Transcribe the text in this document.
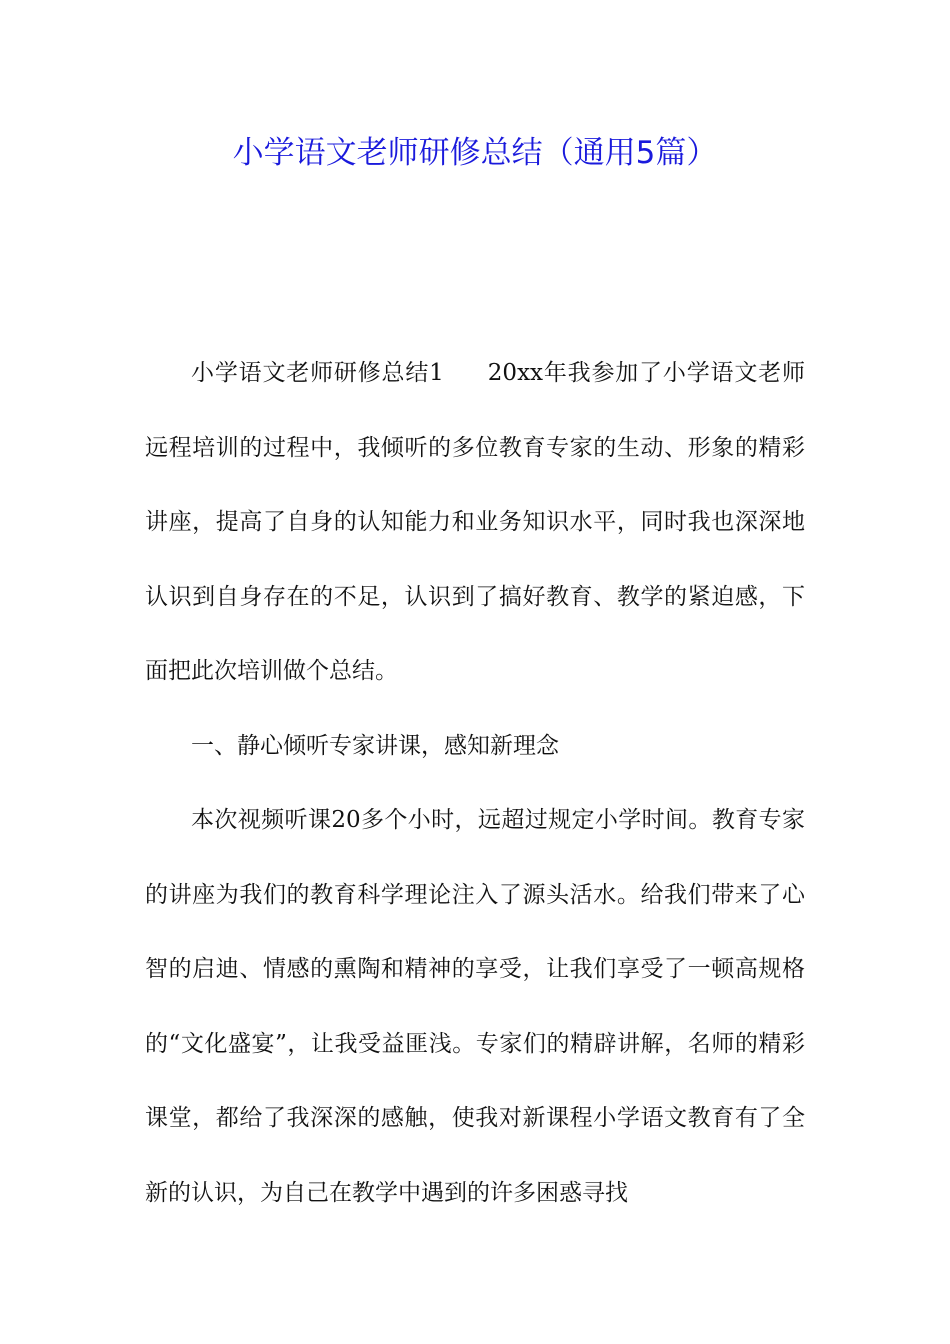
小学语文老师研修总结（通用5篇）

小学语文老师研修总结1 20xx年我参加了小学语文老师远程培训的过程中，我倾听的多位教育专家的生动、形象的精彩讲座，提高了自身的认知能力和业务知识水平，同时我也深深地认识到自身存在的不足，认识到了搞好教育、教学的紧迫感，下面把此次培训做个总结。

一、静心倾听专家讲课，感知新理念

本次视频听课20多个小时，远超过规定小学时间。教育专家的讲座为我们的教育科学理论注入了源头活水。给我们带来了心智的启迪、情感的熏陶和精神的享受，让我们享受了一顿高规格的“文化盛宴”，让我受益匪浅。专家们的精辟讲解，名师的精彩课堂，都给了我深深的感触，使我对新课程小学语文教育有了全新的认识，为自己在教学中遇到的许多困惑寻找
